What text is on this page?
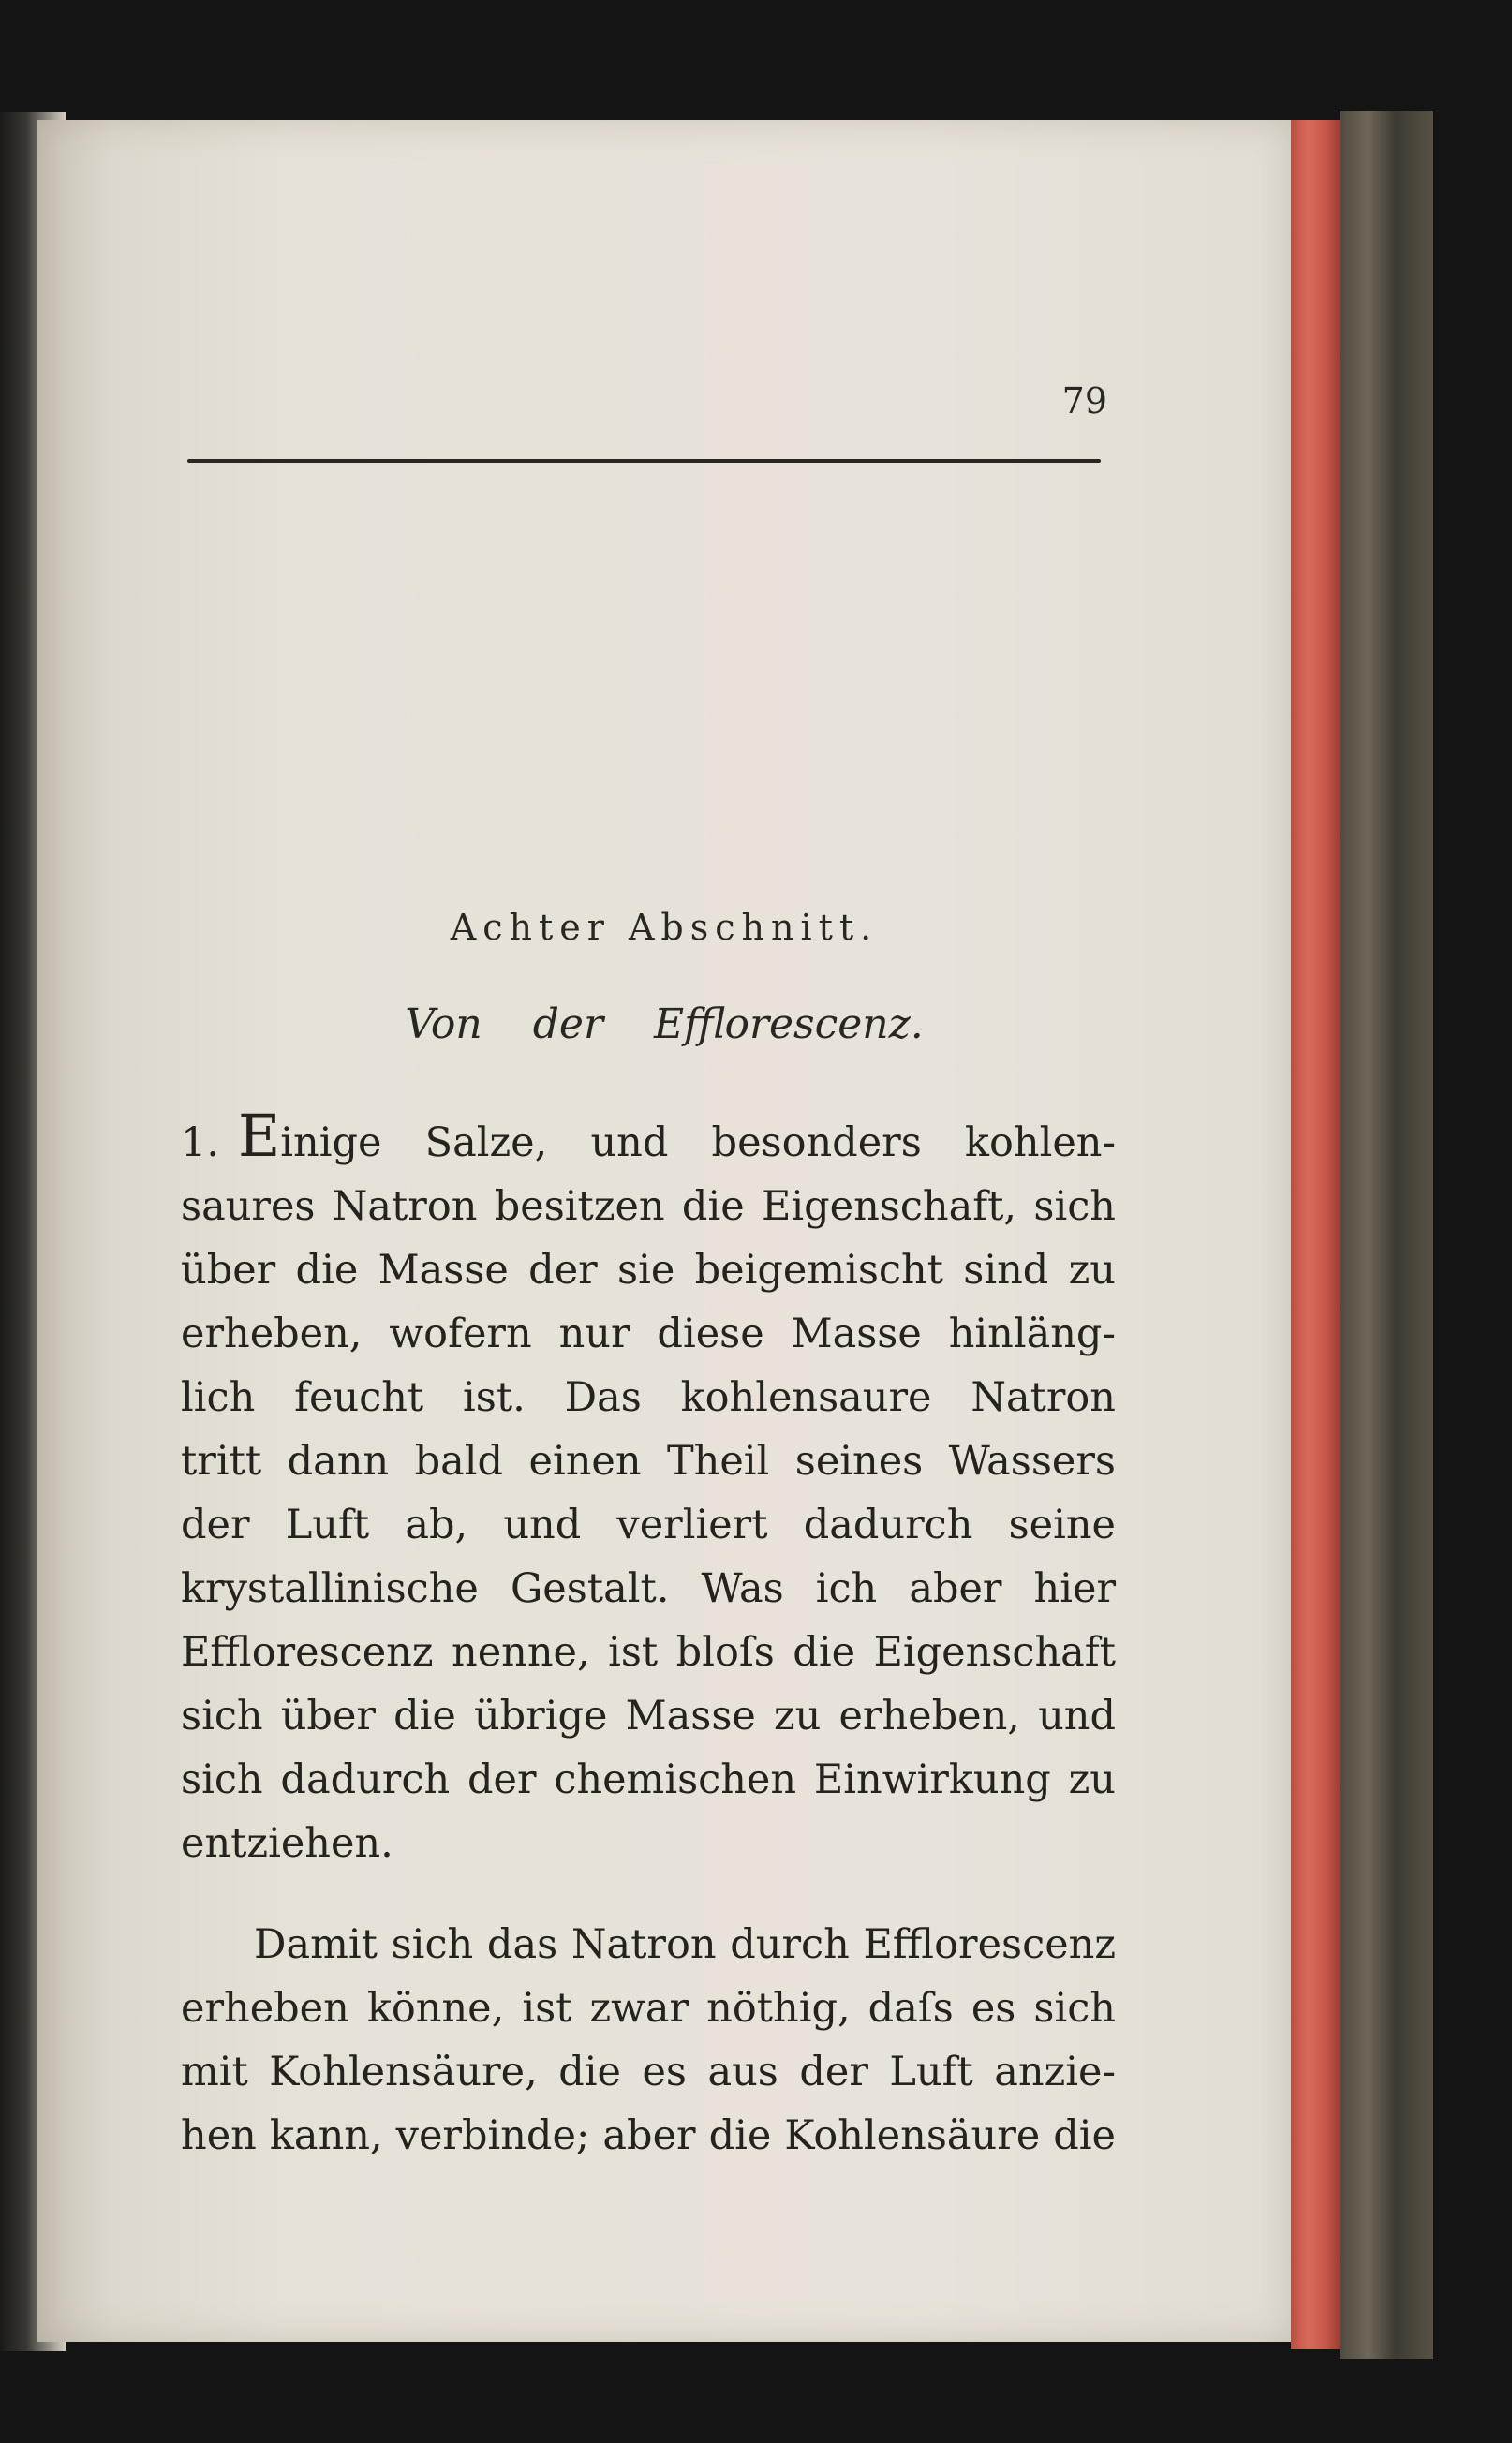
79
Achter Abschnitt.
Von der Efflorescenz.
1. Einige Salze, und besonders kohlen-
saures Natron besitzen die Eigenschaft, sich
über die Masse der sie beigemischt sind zu
erheben, wofern nur diese Masse hinläng-
lich feucht ist. Das kohlensaure Natron
tritt dann bald einen Theil seines Wassers
der Luft ab, und verliert dadurch seine
krystallinische Gestalt. Was ich aber hier
Efflorescenz nenne, ist bloſs die Eigenschaft
sich über die übrige Masse zu erheben, und
sich dadurch der chemischen Einwirkung zu
entziehen.
Damit sich das Natron durch Efflorescenz
erheben könne, ist zwar nöthig, daſs es sich
mit Kohlensäure, die es aus der Luft anzie-
hen kann, verbinde; aber die Kohlensäure die
